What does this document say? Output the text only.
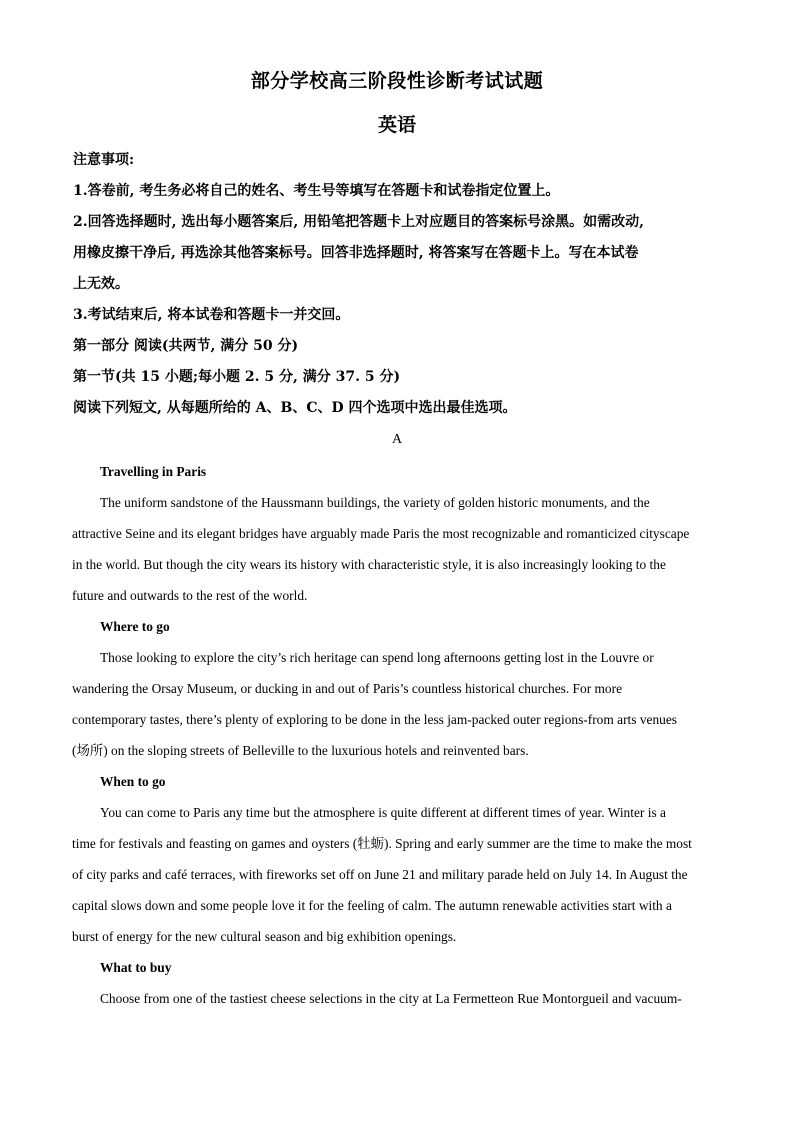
部分学校高三阶段性诊断考试试题
英语
注意事项:
1.答卷前, 考生务必将自己的姓名、考生号等填写在答题卡和试卷指定位置上。
2.回答选择题时, 选出每小题答案后, 用铅笔把答题卡上对应题目的答案标号涂黑。如需改动,
用橡皮擦干净后, 再选涂其他答案标号。回答非选择题时, 将答案写在答题卡上。写在本试卷
上无效。
3.考试结束后, 将本试卷和答题卡一并交回。
第一部分 阅读(共两节, 满分 50 分)
第一节(共 15 小题;每小题 2. 5 分, 满分 37. 5 分)
阅读下列短文, 从每题所给的 A、B、C、D 四个选项中选出最佳选项。
A
Travelling in Paris
The uniform sandstone of the Haussmann buildings, the variety of golden historic monuments, and the
attractive Seine and its elegant bridges have arguably made Paris the most recognizable and romanticized cityscape
in the world. But though the city wears its history with characteristic style, it is also increasingly looking to the
future and outwards to the rest of the world.
Where to go
Those looking to explore the city’s rich heritage can spend long afternoons getting lost in the Louvre or
wandering the Orsay Museum, or ducking in and out of Paris’s countless historical churches. For more
contemporary tastes, there’s plenty of exploring to be done in the less jam-packed outer regions-from arts venues
(场所) on the sloping streets of Belleville to the luxurious hotels and reinvented bars.
When to go
You can come to Paris any time but the atmosphere is quite different at different times of year. Winter is a
time for festivals and feasting on games and oysters (牡蛎). Spring and early summer are the time to make the most
of city parks and café terraces, with fireworks set off on June 21 and military parade held on July 14. In August the
capital slows down and some people love it for the feeling of calm. The autumn renewable activities start with a
burst of energy for the new cultural season and big exhibition openings.
What to buy
Choose from one of the tastiest cheese selections in the city at La Fermetteon Rue Montorgueil and vacuum-
